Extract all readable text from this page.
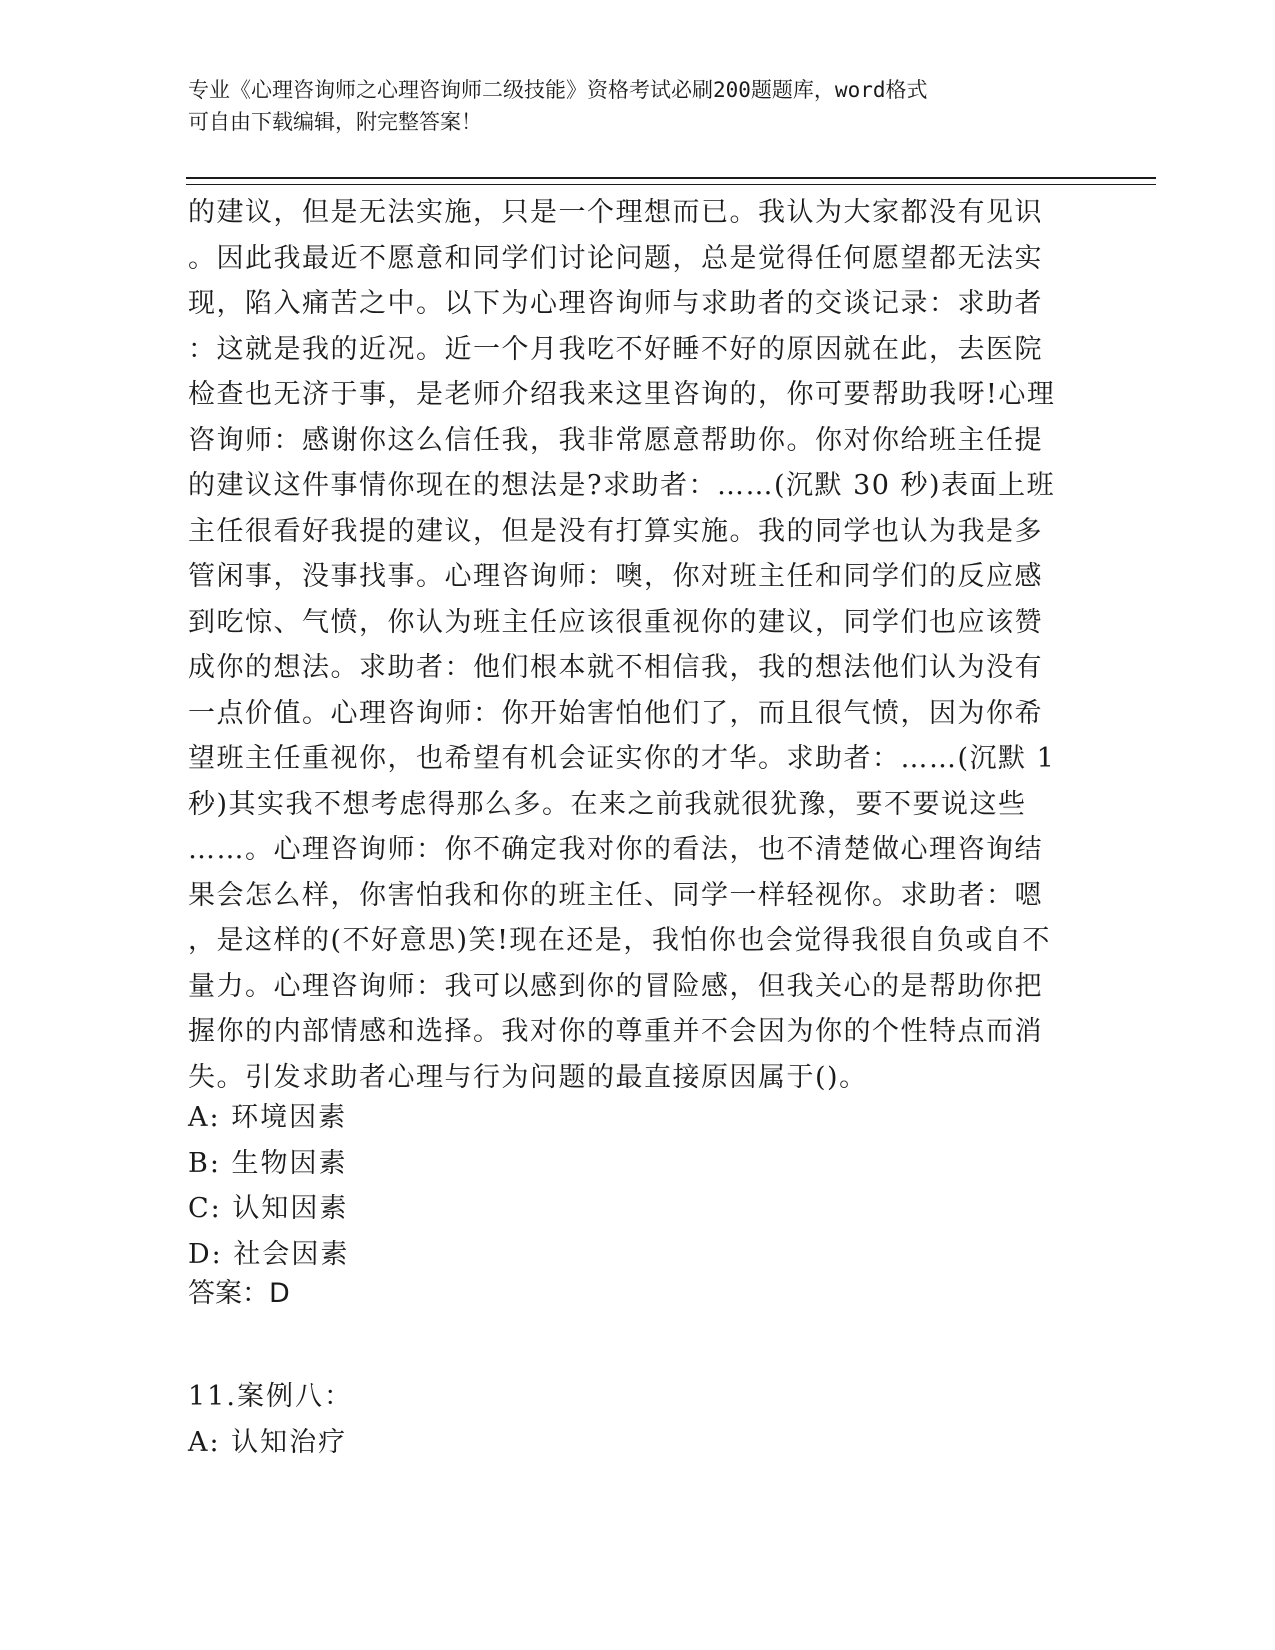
专业《心理咨询师之心理咨询师二级技能》资格考试必刷200题题库，word格式
可自由下载编辑，附完整答案！
的建议，但是无法实施，只是一个理想而已。我认为大家都没有见识
。因此我最近不愿意和同学们讨论问题，总是觉得任何愿望都无法实
现，陷入痛苦之中。以下为心理咨询师与求助者的交谈记录：求助者
：这就是我的近况。近一个月我吃不好睡不好的原因就在此，去医院
检查也无济于事，是老师介绍我来这里咨询的，你可要帮助我呀!心理
咨询师：感谢你这么信任我，我非常愿意帮助你。你对你给班主任提
的建议这件事情你现在的想法是?求助者：……(沉默 30 秒)表面上班
主任很看好我提的建议，但是没有打算实施。我的同学也认为我是多
管闲事，没事找事。心理咨询师：噢，你对班主任和同学们的反应感
到吃惊、气愤，你认为班主任应该很重视你的建议，同学们也应该赞
成你的想法。求助者：他们根本就不相信我，我的想法他们认为没有
一点价值。心理咨询师：你开始害怕他们了，而且很气愤，因为你希
望班主任重视你，也希望有机会证实你的才华。求助者：……(沉默 1
秒)其实我不想考虑得那么多。在来之前我就很犹豫，要不要说这些
……。心理咨询师：你不确定我对你的看法，也不清楚做心理咨询结
果会怎么样，你害怕我和你的班主任、同学一样轻视你。求助者：嗯
，是这样的(不好意思)笑!现在还是，我怕你也会觉得我很自负或自不
量力。心理咨询师：我可以感到你的冒险感，但我关心的是帮助你把
握你的内部情感和选择。我对你的尊重并不会因为你的个性特点而消
失。引发求助者心理与行为问题的最直接原因属于()。
A: 环境因素
B: 生物因素
C: 认知因素
D: 社会因素
答案：D
11.案例八：
A: 认知治疗
